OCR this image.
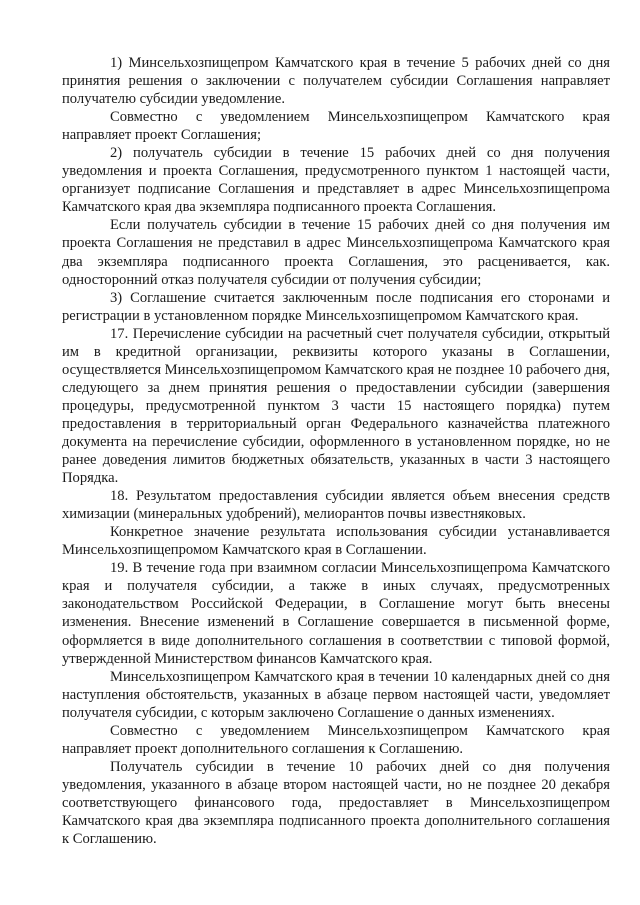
1) Минсельхозпищепром Камчатского края в течение 5 рабочих дней со дня принятия решения о заключении с получателем субсидии Соглашения направляет получателю субсидии уведомление.

Совместно с уведомлением Минсельхозпищепром Камчатского края направляет проект Соглашения;

2) получатель субсидии в течение 15 рабочих дней со дня получения уведомления и проекта Соглашения, предусмотренного пунктом 1 настоящей части, организует подписание Соглашения и представляет в адрес Минсельхозпищепрома Камчатского края два экземпляра подписанного проекта Соглашения.

Если получатель субсидии в течение 15 рабочих дней со дня получения им проекта Соглашения не представил в адрес Минсельхозпищепрома Камчатского края два экземпляра подписанного проекта Соглашения, это расценивается, как. односторонний отказ получателя субсидии от получения субсидии;

3) Соглашение считается заключенным после подписания его сторонами и регистрации в установленном порядке Минсельхозпищепромом Камчатского края.

17. Перечисление субсидии на расчетный счет получателя субсидии, открытый им в кредитной организации, реквизиты которого указаны в Соглашении, осуществляется Минсельхозпищепромом Камчатского края не позднее 10 рабочего дня, следующего за днем принятия решения о предоставлении субсидии (завершения процедуры, предусмотренной пунктом 3 части 15 настоящего порядка) путем предоставления в территориальный орган Федерального казначейства платежного документа на перечисление субсидии, оформленного в установленном порядке, но не ранее доведения лимитов бюджетных обязательств, указанных в части 3 настоящего Порядка.

18. Результатом предоставления субсидии является объем внесения средств химизации (минеральных удобрений), мелиорантов почвы известняковых.

Конкретное значение результата использования субсидии устанавливается Минсельхозпищепромом Камчатского края в Соглашении.

19. В течение года при взаимном согласии Минсельхозпищепрома Камчатского края и получателя субсидии, а также в иных случаях, предусмотренных законодательством Российской Федерации, в Соглашение могут быть внесены изменения. Внесение изменений в Соглашение совершается в письменной форме, оформляется в виде дополнительного соглашения в соответствии с типовой формой, утвержденной Министерством финансов Камчатского края.

Минсельхозпищепром Камчатского края в течении 10 календарных дней со дня наступления обстоятельств, указанных в абзаце первом настоящей части, уведомляет получателя субсидии, с которым заключено Соглашение о данных изменениях.

Совместно с уведомлением Минсельхозпищепром Камчатского края направляет проект дополнительного соглашения к Соглашению.

Получатель субсидии в течение 10 рабочих дней со дня получения уведомления, указанного в абзаце втором настоящей части, но не позднее 20 декабря соответствующего финансового года, предоставляет в Минсельхозпищепром Камчатского края два экземпляра подписанного проекта дополнительного соглашения к Соглашению.
